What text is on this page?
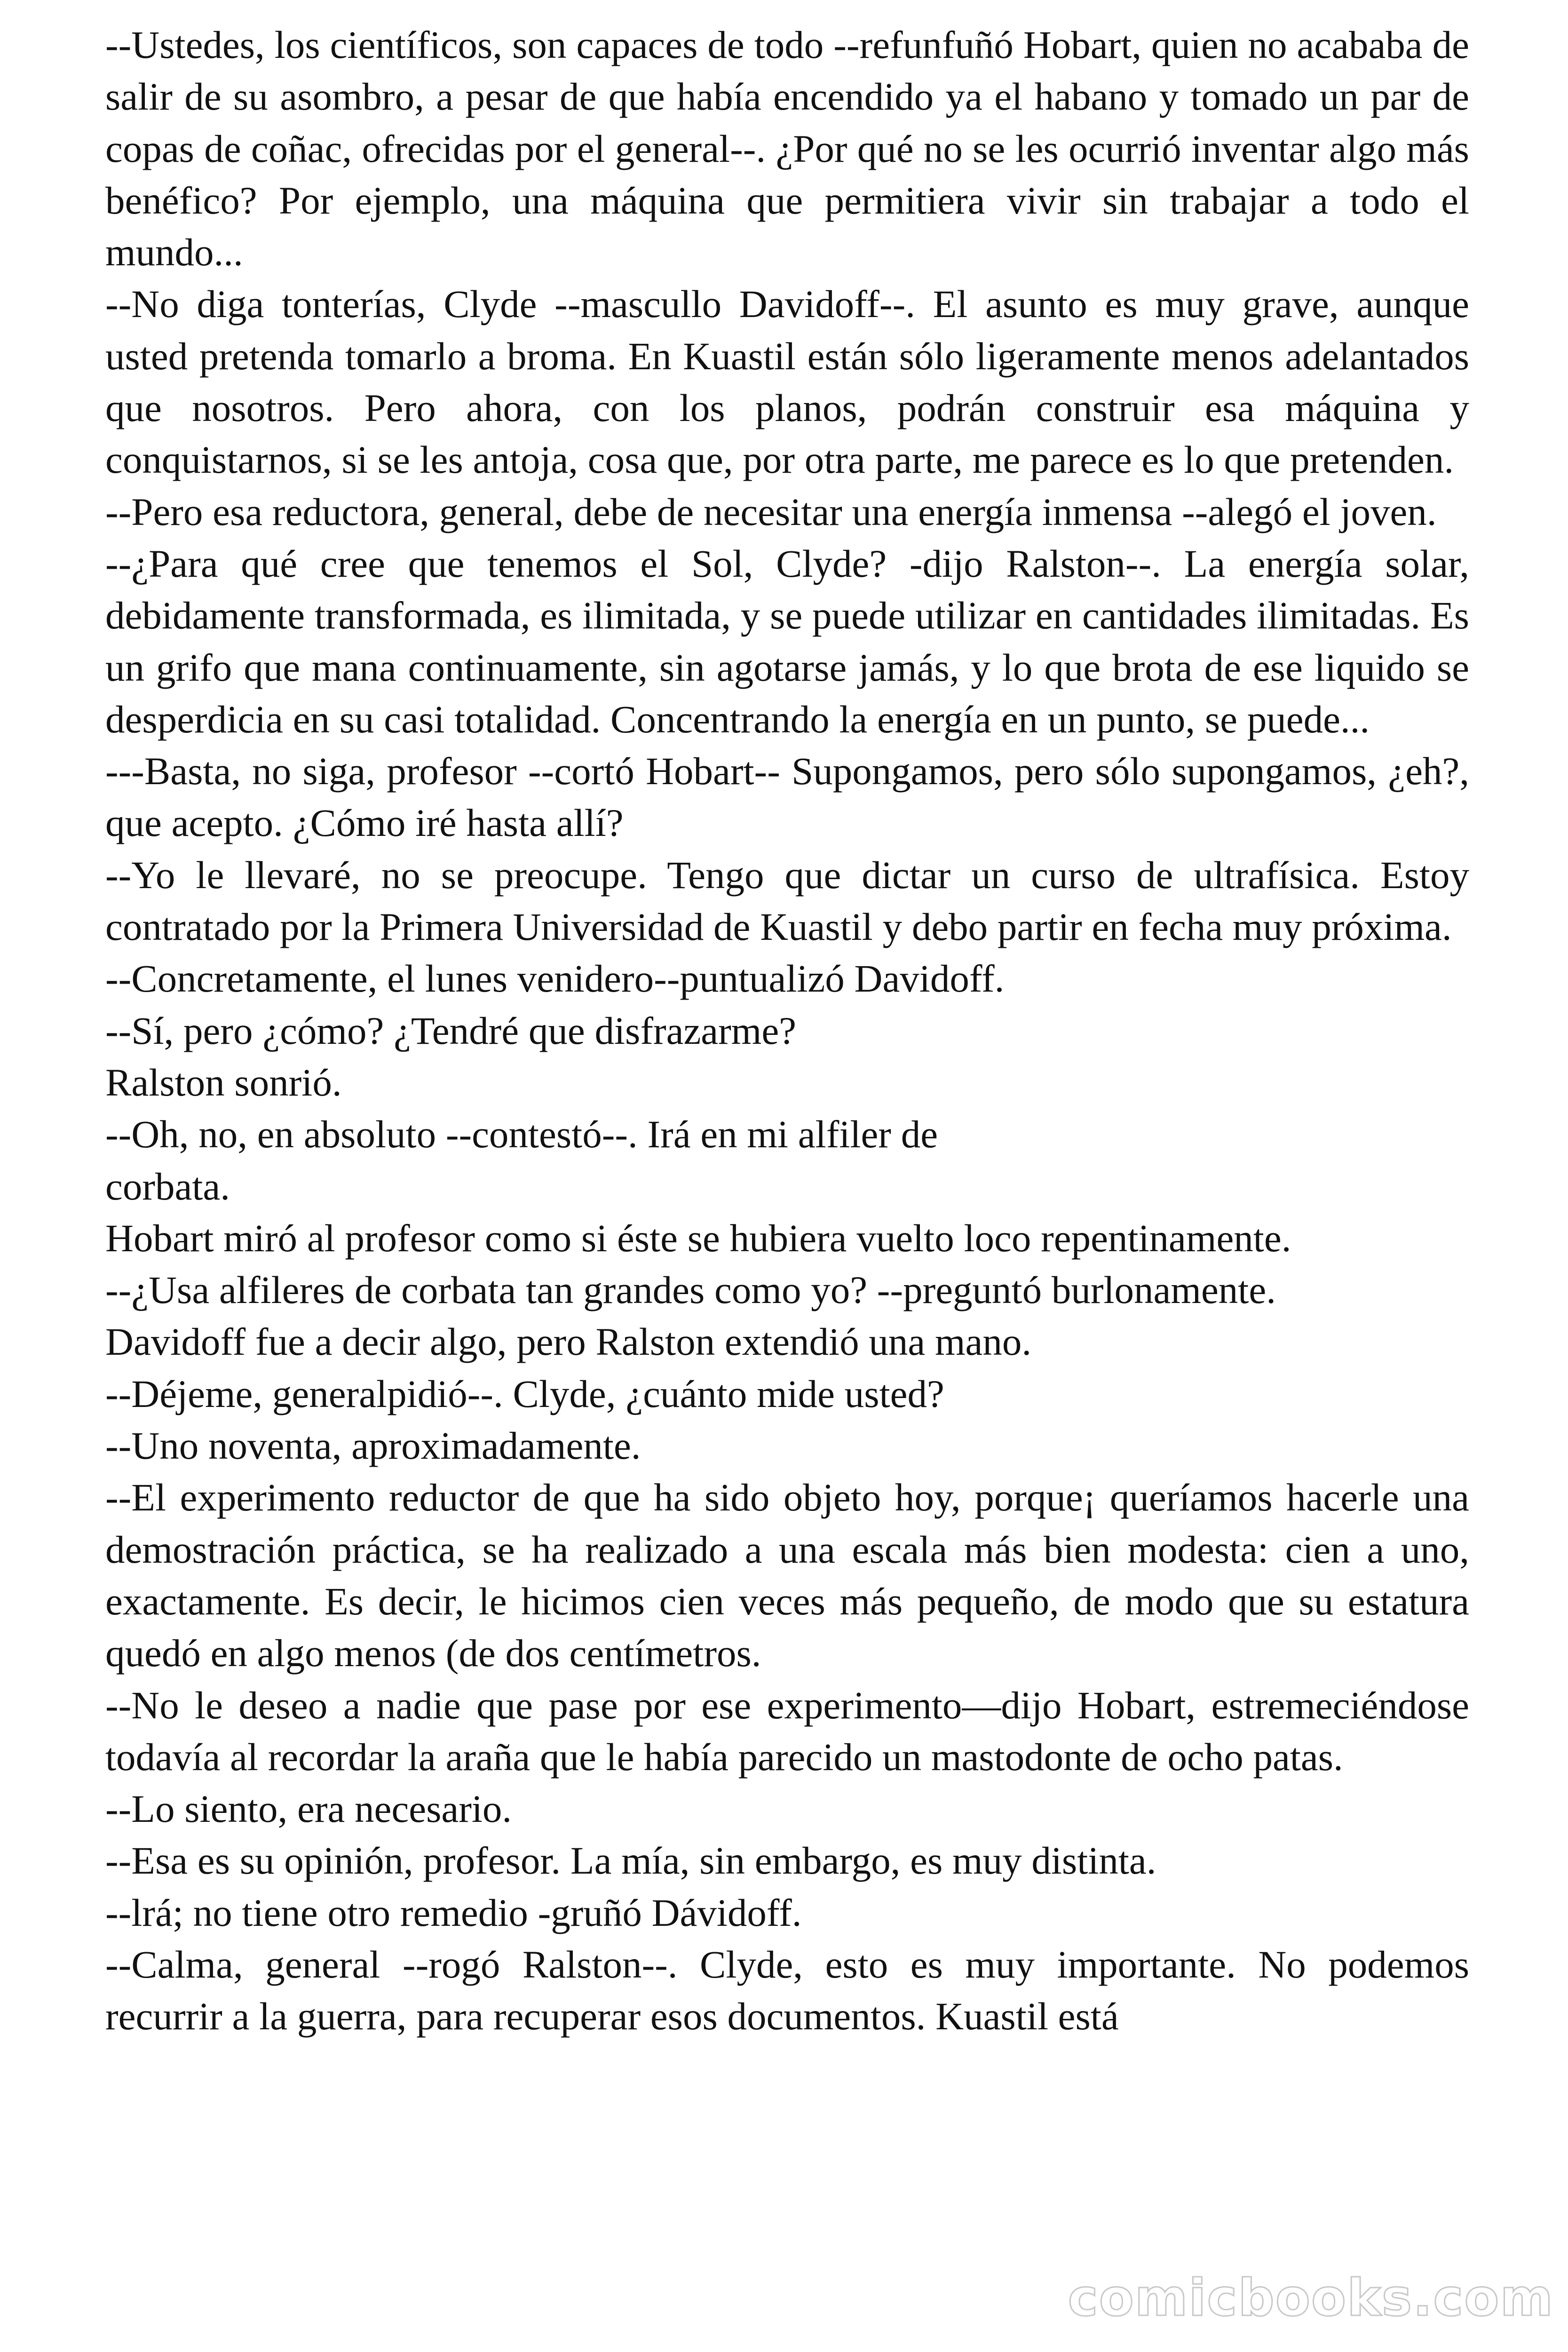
--Ustedes, los científicos, son capaces de todo --refunfuñó Hobart, quien no acababa de salir de su asombro, a pesar de que había encendido ya el habano y tomado un par de copas de coñac, ofrecidas por el general--. ¿Por qué no se les ocurrió inventar algo más benéfico? Por ejemplo, una máquina que permitiera vivir sin trabajar a todo el mundo...

--No diga tonterías, Clyde --mascullo Davidoff--. El asunto es muy grave, aunque usted pretenda tomarlo a broma. En Kuastil están sólo ligeramente menos adelantados que nosotros. Pero ahora, con los planos, podrán construir esa máquina y conquistarnos, si se les antoja, cosa que, por otra parte, me parece es lo que pretenden.

--Pero esa reductora, general, debe de necesitar una energía inmensa --alegó el joven.

--¿Para qué cree que tenemos el Sol, Clyde? -dijo Ralston--. La energía solar, debidamente transformada, es ilimitada, y se puede utilizar en cantidades ilimitadas. Es un grifo que mana continuamente, sin agotarse jamás, y lo que brota de ese liquido se desperdicia en su casi totalidad. Concentrando la energía en un punto, se puede...

---Basta, no siga, profesor --cortó Hobart-- Supongamos, pero sólo supongamos, ¿eh?, que acepto. ¿Cómo iré hasta allí?

--Yo le llevaré, no se preocupe. Tengo que dictar un curso de ultrafísica. Estoy contratado por la Primera Universidad de Kuastil y debo partir en fecha muy próxima.

--Concretamente, el lunes venidero--puntualizó Davidoff.

--Sí, pero ¿cómo? ¿Tendré que disfrazarme?

Ralston sonrió.

--Oh, no, en absoluto --contestó--. Irá en mi alfiler de

corbata.

Hobart miró al profesor como si éste se hubiera vuelto loco repentinamente.

--¿Usa alfileres de corbata tan grandes como yo? --preguntó burlonamente.

Davidoff fue a decir algo, pero Ralston extendió una mano.

--Déjeme, generalpidió--. Clyde, ¿cuánto mide usted?

--Uno noventa, aproximadamente.

--El experimento reductor de que ha sido objeto hoy, porque¡ queríamos hacerle una demostración práctica, se ha realizado a una escala más bien modesta: cien a uno, exactamente. Es decir, le hicimos cien veces más pequeño, de modo que su estatura quedó en algo menos (de dos centímetros.

--No le deseo a nadie que pase por ese experimento—dijo Hobart, estremeciéndose todavía al recordar la araña que le había parecido un mastodonte de ocho patas.

--Lo siento, era necesario.

--Esa es su opinión, profesor. La mía, sin embargo, es muy distinta.

--lrá; no tiene otro remedio -gruñó Dávidoff.

--Calma, general --rogó Ralston--. Clyde, esto es muy importante. No podemos recurrir a la guerra, para recuperar esos documentos. Kuastil está

comicbooks.com
